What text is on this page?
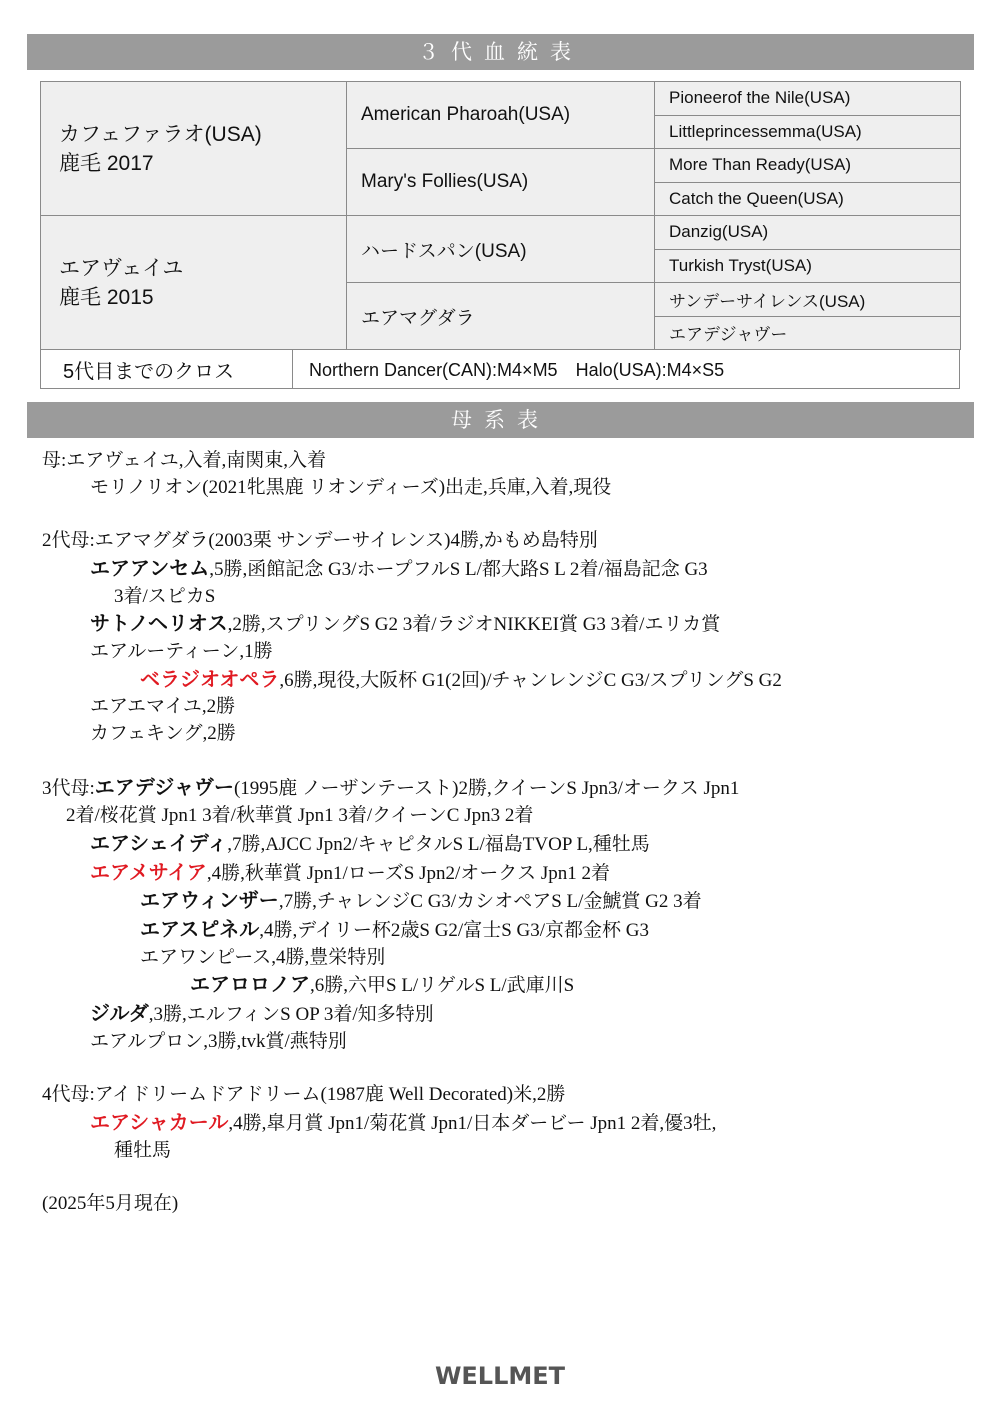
３代血統表
カフェファラオ(USA)
鹿毛 2017	American Pharoah(USA)	Pioneerof the Nile(USA)
		Littleprincessemma(USA)
	Mary's Follies(USA)	More Than Ready(USA)
		Catch the Queen(USA)

エアヴェイユ
鹿毛 2015	ハードスパン(USA)	Danzig(USA)
		Turkish Tryst(USA)
	エアマグダラ	サンデーサイレンス(USA)
		エアデジャヴー
5代目までのクロス	Northern Dancer(CAN):M4×M5　Halo(USA):M4×S5
母系表
母:エアヴェイユ,入着,南関東,入着
モリノリオン(2021牝黒鹿 リオンディーズ)出走,兵庫,入着,現役
2代母:エアマグダラ(2003栗 サンデーサイレンス)4勝,かもめ島特別
エアアンセム,5勝,函館記念 G3/ホープフルS L/都大路S L 2着/福島記念 G3
3着/スピカS
サトノヘリオス,2勝,スプリングS G2 3着/ラジオNIKKEI賞 G3 3着/エリカ賞
エアルーティーン,1勝
ベラジオオペラ,6勝,現役,大阪杯 G1(2回)/チャンレンジC G3/スプリングS G2
エアエマイユ,2勝
カフェキング,2勝
3代母:エアデジャヴー(1995鹿 ノーザンテースト)2勝,クイーンS Jpn3/オークス Jpn1
2着/桜花賞 Jpn1 3着/秋華賞 Jpn1 3着/クイーンC Jpn3 2着
エアシェイディ,7勝,AJCC Jpn2/キャピタルS L/福島TVOP L,種牡馬
エアメサイア,4勝,秋華賞 Jpn1/ローズS Jpn2/オークス Jpn1 2着
エアウィンザー,7勝,チャレンジC G3/カシオペアS L/金鯱賞 G2 3着
エアスピネル,4勝,デイリー杯2歳S G2/富士S G3/京都金杯 G3
エアワンピース,4勝,豊栄特別
エアロロノア,6勝,六甲S L/リゲルS L/武庫川S
ジルダ,3勝,エルフィンS OP 3着/知多特別
エアルプロン,3勝,tvk賞/燕特別
4代母:アイドリームドアドリーム(1987鹿 Well Decorated)米,2勝
エアシャカール,4勝,皐月賞 Jpn1/菊花賞 Jpn1/日本ダービー Jpn1 2着,優3牡,
種牡馬
(2025年5月現在)
WELLMET
